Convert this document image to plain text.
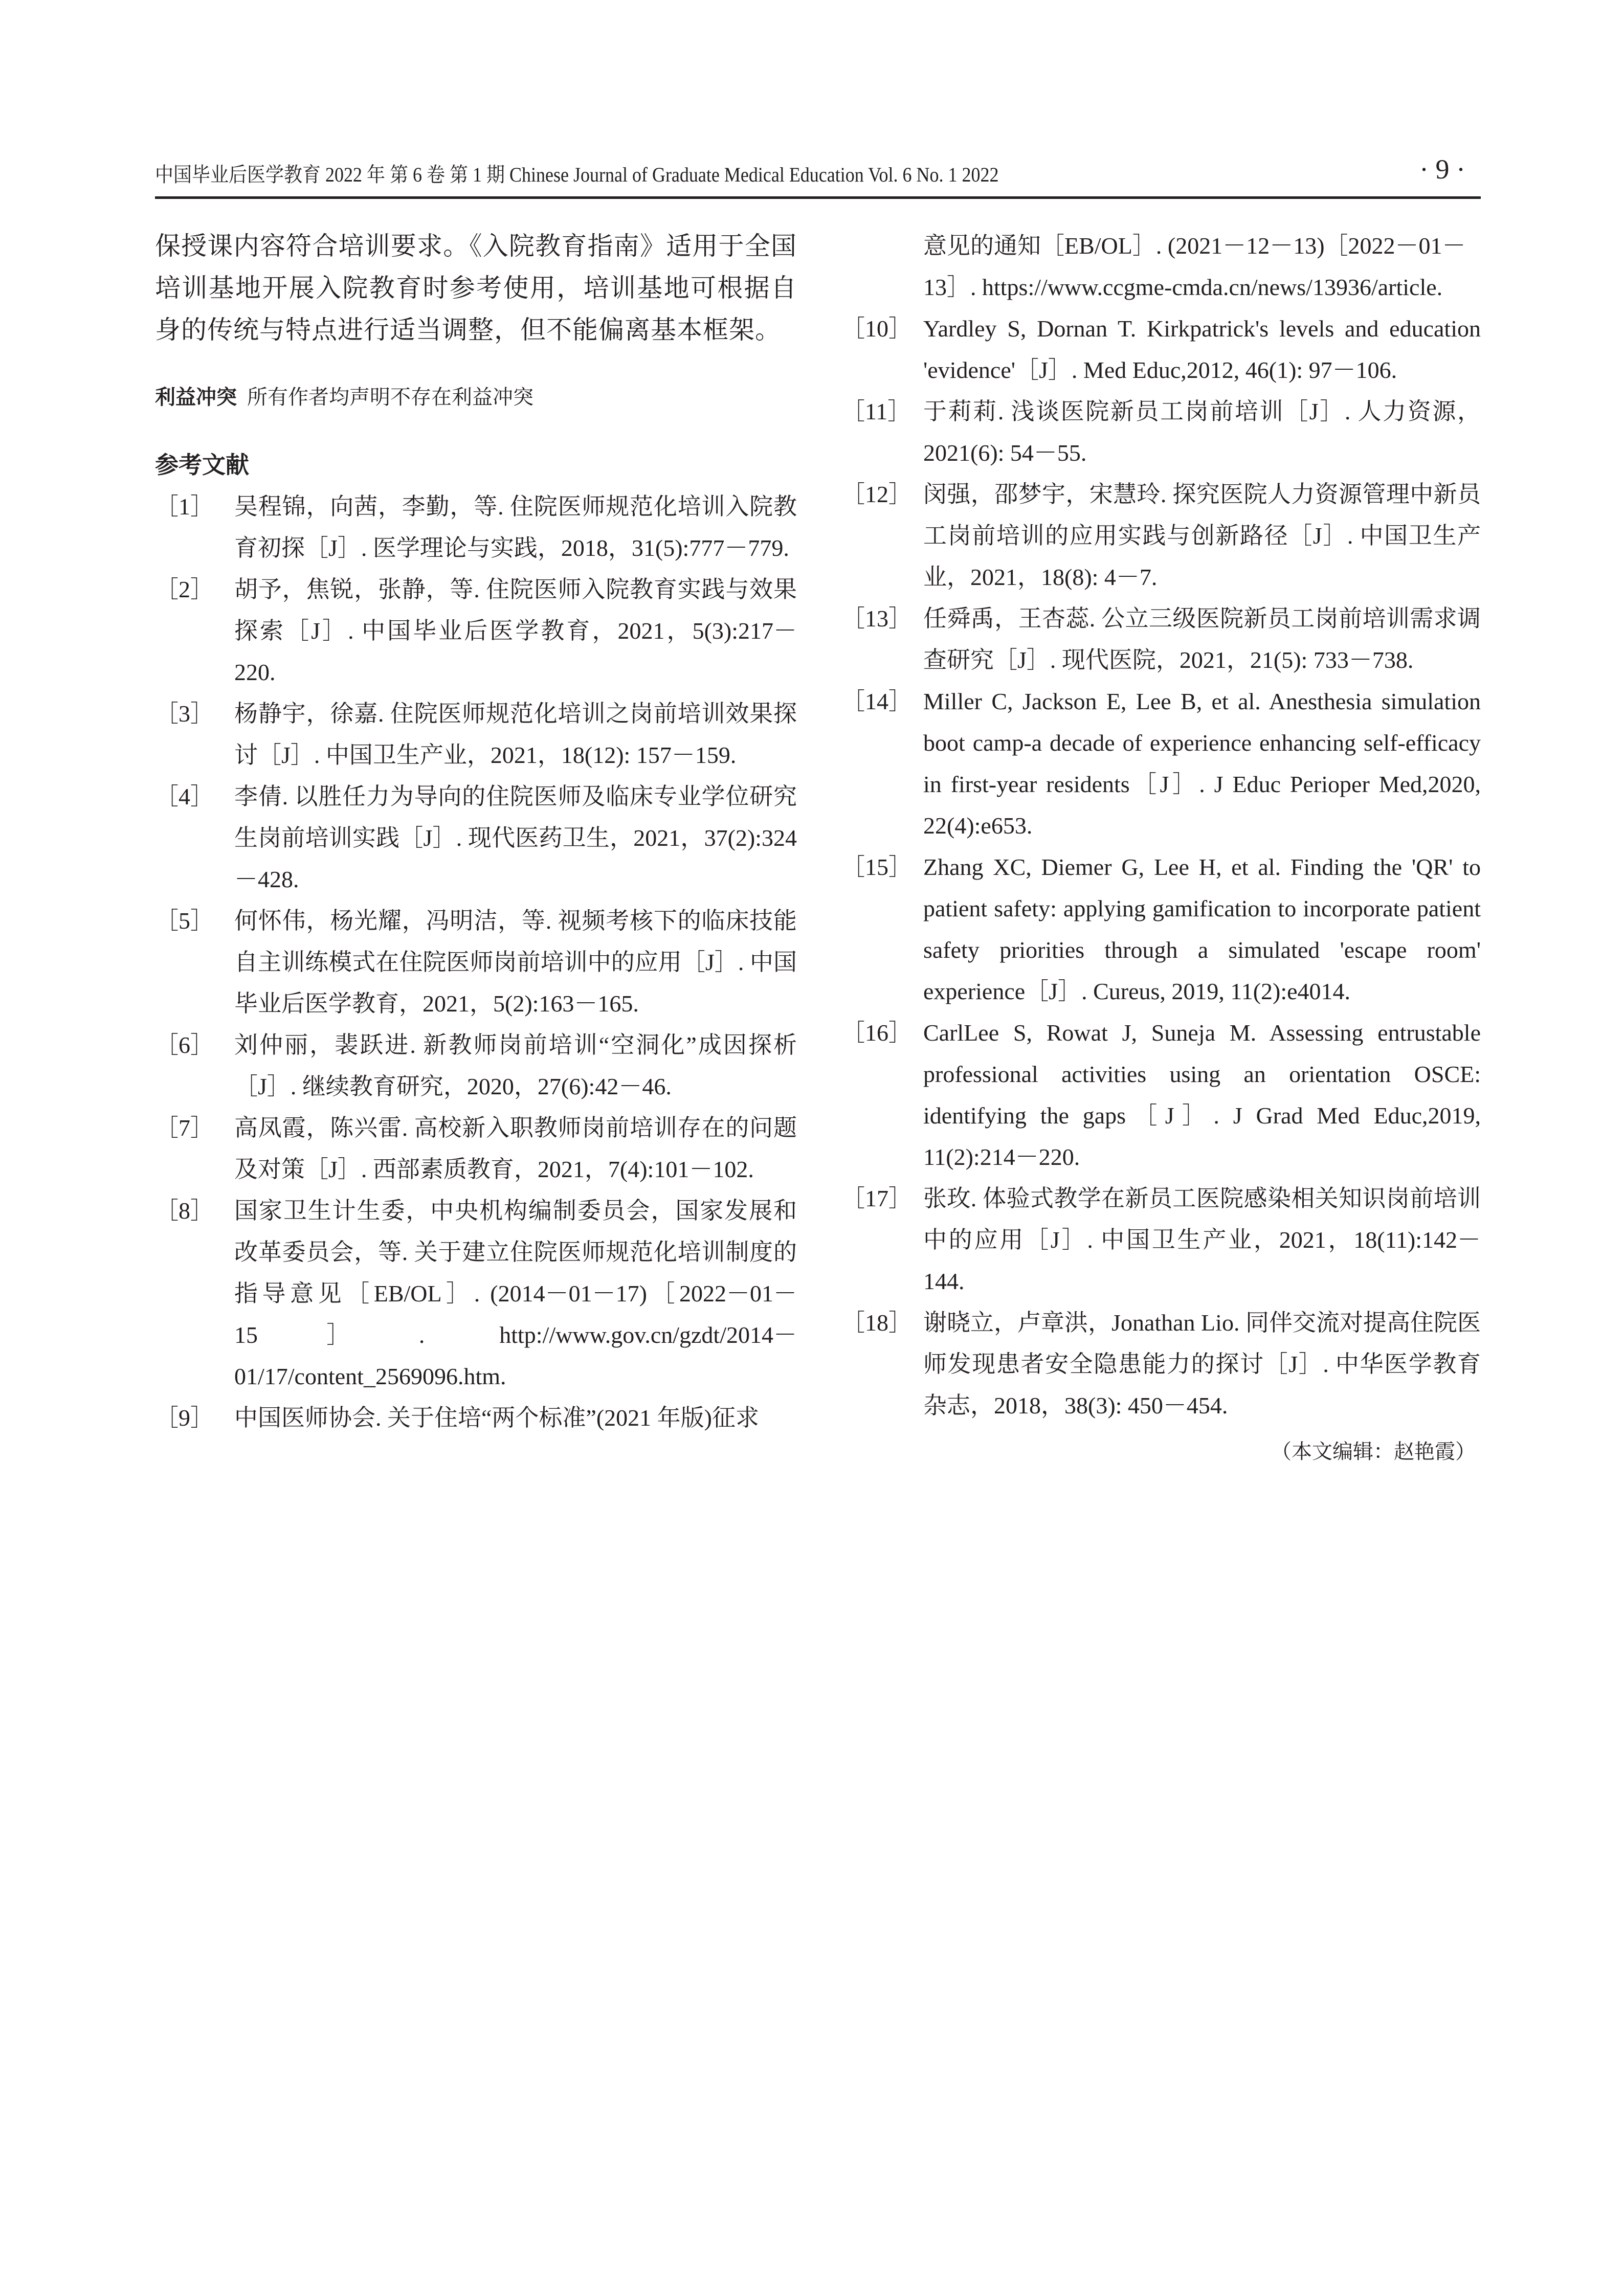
中国毕业后医学教育 2022 年 第 6 卷 第 1 期 Chinese Journal of Graduate Medical Education Vol. 6 No. 1 2022	· 9 ·

保授课内容符合培训要求。《入院教育指南》适用于全国培训基地开展入院教育时参考使用，培训基地可根据自身的传统与特点进行适当调整，但不能偏离基本框架。

利益冲突 所有作者均声明不存在利益冲突
参考文献
［1］ 吴程锦，向茜，李勤，等. 住院医师规范化培训入院教育初探［J］. 医学理论与实践，2018，31(5):777－779.
［2］ 胡予，焦锐，张静，等. 住院医师入院教育实践与效果探索［J］. 中国毕业后医学教育，2021，5(3):217－220.
［3］ 杨静宇，徐嘉. 住院医师规范化培训之岗前培训效果探讨［J］. 中国卫生产业，2021，18(12): 157－159.
［4］ 李倩. 以胜任力为导向的住院医师及临床专业学位研究生岗前培训实践［J］. 现代医药卫生，2021，37(2):324－428.
［5］ 何怀伟，杨光耀，冯明洁，等. 视频考核下的临床技能自主训练模式在住院医师岗前培训中的应用［J］. 中国毕业后医学教育，2021，5(2):163－165.
［6］ 刘仲丽，裴跃进. 新教师岗前培训“空洞化”成因探析［J］. 继续教育研究，2020，27(6):42－46.
［7］ 高凤霞，陈兴雷. 高校新入职教师岗前培训存在的问题及对策［J］. 西部素质教育，2021，7(4):101－102.
［8］ 国家卫生计生委，中央机构编制委员会，国家发展和改革委员会，等. 关于建立住院医师规范化培训制度的指导意见［EB/OL］. (2014－01－17)［2022－01－15］. http://www.gov.cn/gzdt/2014－01/17/content_2569096.htm.
［9］ 中国医师协会. 关于住培“两个标准”(2021 年版)征求
意见的通知［EB/OL］. (2021－12－13)［2022－01－13］. https://www.ccgme-cmda.cn/news/13936/article.
［10］ Yardley S, Dornan T. Kirkpatrick's levels and education 'evidence'［J］. Med Educ,2012, 46(1): 97－106.
［11］ 于莉莉. 浅谈医院新员工岗前培训［J］. 人力资源，2021(6): 54－55.
［12］ 闵强，邵梦宇，宋慧玲. 探究医院人力资源管理中新员工岗前培训的应用实践与创新路径［J］. 中国卫生产业，2021，18(8): 4－7.
［13］ 任舜禹，王杏蕊. 公立三级医院新员工岗前培训需求调查研究［J］. 现代医院，2021，21(5): 733－738.
［14］ Miller C, Jackson E, Lee B, et al. Anesthesia simulation boot camp-a decade of experience enhancing self-efficacy in first-year residents［J］. J Educ Perioper Med,2020, 22(4):e653.
［15］ Zhang XC, Diemer G, Lee H, et al. Finding the 'QR' to patient safety: applying gamification to incorporate patient safety priorities through a simulated 'escape room' experience［J］. Cureus, 2019, 11(2):e4014.
［16］ CarlLee S, Rowat J, Suneja M. Assessing entrustable professional activities using an orientation OSCE: identifying the gaps［J］. J Grad Med Educ,2019, 11(2):214－220.
［17］ 张玫. 体验式教学在新员工医院感染相关知识岗前培训中的应用［J］. 中国卫生产业，2021，18(11):142－144.
［18］ 谢晓立，卢章洪，Jonathan Lio. 同伴交流对提高住院医师发现患者安全隐患能力的探讨［J］. 中华医学教育杂志，2018，38(3): 450－454.
（本文编辑：赵艳霞）
